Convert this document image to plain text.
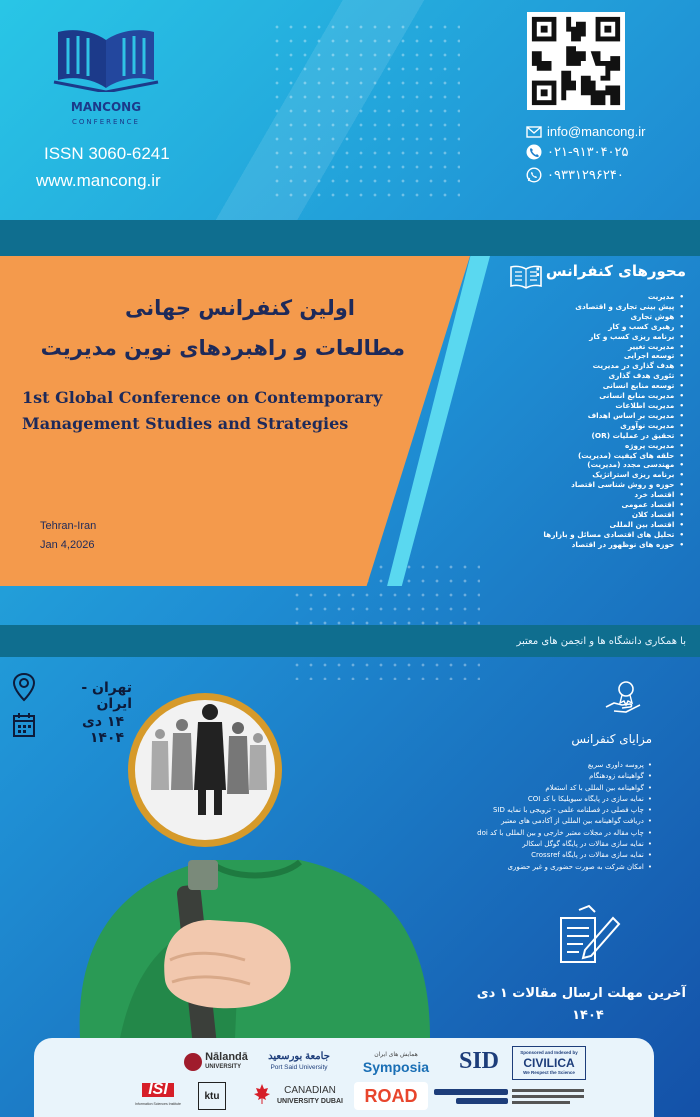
MANCONG
CONFERENCE
ISSN 3060-6241
www.mancong.ir
info@mancong.ir
۰۲۱-۹۱۳۰۴۰۲۵
۰۹۳۳۱۲۹۶۲۴۰
اولین کنفرانس جهانی
مطالعات و راهبردهای نوین مدیریت
1st Global Conference on Contemporary
Management Studies and Strategies
Tehran-Iran
Jan 4,2026
محورهای کنفرانس :
• مدیریت
• پیش بینی تجاری و اقتصادی
• هوش تجاری
• رهبری کسب و کار
• برنامه ریزی کسب و کار
• مدیریت تغییر
• توسعه اجرایی
• هدف گذاری در مدیریت
• تئوری هدف گذاری
• توسعه منابع انسانی
• مدیریت منابع انسانی
• مدیریت اطلاعات
• مدیریت بر اساس اهداف
• مدیریت نوآوری
• تحقیق در عملیات (OR)
• مدیریت پروژه
• حلقه های کیفیت (مدیریت)
• مهندسی مجدد (مدیریت)
• برنامه ریزی استراتژیک
• حوزه و روش شناسی اقتصاد
• اقتصاد خرد
• اقتصاد عمومی
• اقتصاد کلان
• اقتصاد بین المللی
• تحلیل های اقتصادی مسائل و بازارها
• حوزه های نوظهور در اقتصاد
با همکاری دانشگاه ها و انجمن های معتبر
تهران - ایران
۱۴ دی ۱۴۰۴	مزایای کنفرانس
• پروسه داوری سریع
• گواهینامه زودهنگام
• گواهینامه بین المللی با کد استعلام
• نمایه سازی در پایگاه سیویلیکا با کد COI
• چاپ فصلی در فصلنامه علمی - ترویجی با نمایه SID
• دریافت گواهینامه بین المللی از آکادمی های معتبر
• چاپ مقاله در مجلات معتبر خارجی و بین المللی با کد doi
• نمایه سازی مقالات در پایگاه گوگل اسکالر
• نمایه سازی مقالات در پایگاه Crossref
• امکان شرکت به صورت حضوری و غیر حضوری
آخرین مهلت ارسال مقالات ۱ دی
۱۴۰۴
Nālandā
UNIVERSITY
جامعة بورسعيد
Port Said University
همایش های ایران
Symposia SID	Sponsored and Indexed by
CIVILICA
We Respect the Science
ISI
Information Sciences Institute
ktu	CANADIAN
UNIVERSITY DUBAI ROAD
